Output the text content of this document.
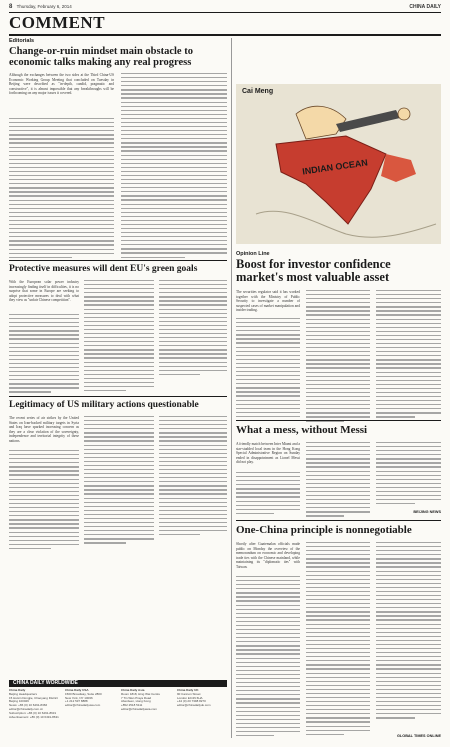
8 Thursday, February 6, 2014	CHINA DAILY
COMMENT
Editorials
Change-or-ruin mindset main obstacle to economic talks making any real progress
Although the exchanges between the two sides at the Third China-US Economic Working Group Meeting that concluded on Tuesday in Beijing were described as "in-depth, candid, pragmatic and constructive", it is almost impossible that any breakthroughs will be forthcoming on any major issues it covered.
Protective measures will dent EU's green goals
With the European solar power industry increasingly finding itself in difficulties, it is no surprise that some in Europe are seeking to adopt protective measures to deal with what they view as "unfair Chinese competition".
Legitimacy of US military actions questionable
The recent series of air strikes by the United States on Iran-backed military targets in Syria and Iraq have sparked increasing concern as they are a clear violation of the sovereignty, independence and territorial integrity of these nations.
CHINA DAILY WORLDWIDE
China Daily
Beijing Headquarters
15 Huixin Dongjie, Chaoyang District
Beijing 100029
News: +86 (0) 10 6491-8366
editor@chinadaily.com.cn
Subscription: +86 (0) 10 6491-8631
Advertisement: +86 (0) 10 6491-8631
China Daily USA
1500 Broadway, Suite 2800
New York, NY 10036
+1 212 537 8888
editor@chinadailyusa.com
China Daily Asia
Room 1818, Hing Wai Centre
7 Tin Wan Praya Road
Aberdeen, Hong Kong
+852 2518 5111
editor@chinadailyasia.com
China Daily UK
90 Cannon Street
London EC4N 6HA
+44 (0) 20 7398 8270
editor@chinadailyuk.com
Cai Meng
INDIAN OCEAN
Opinion Line
Boost for investor confidence market's most valuable asset
The securities regulator said it has worked together with the Ministry of Public Security to investigate a number of suspected cases of market manipulation and insider trading.
What a mess, without Messi
A friendly match between Inter Miami and a star-studded local team in the Hong Kong Special Administrative Region on Sunday ended in disappointment as Lionel Messi did not play.
BEIJING NEWS
One-China principle is nonnegotiable
Shortly after Guatemalan officials made public on Monday the overview of the memorandum on economic and developing trade ties with the Chinese mainland, while maintaining its "diplomatic ties" with Taiwan.
GLOBAL TIMES ONLINE
